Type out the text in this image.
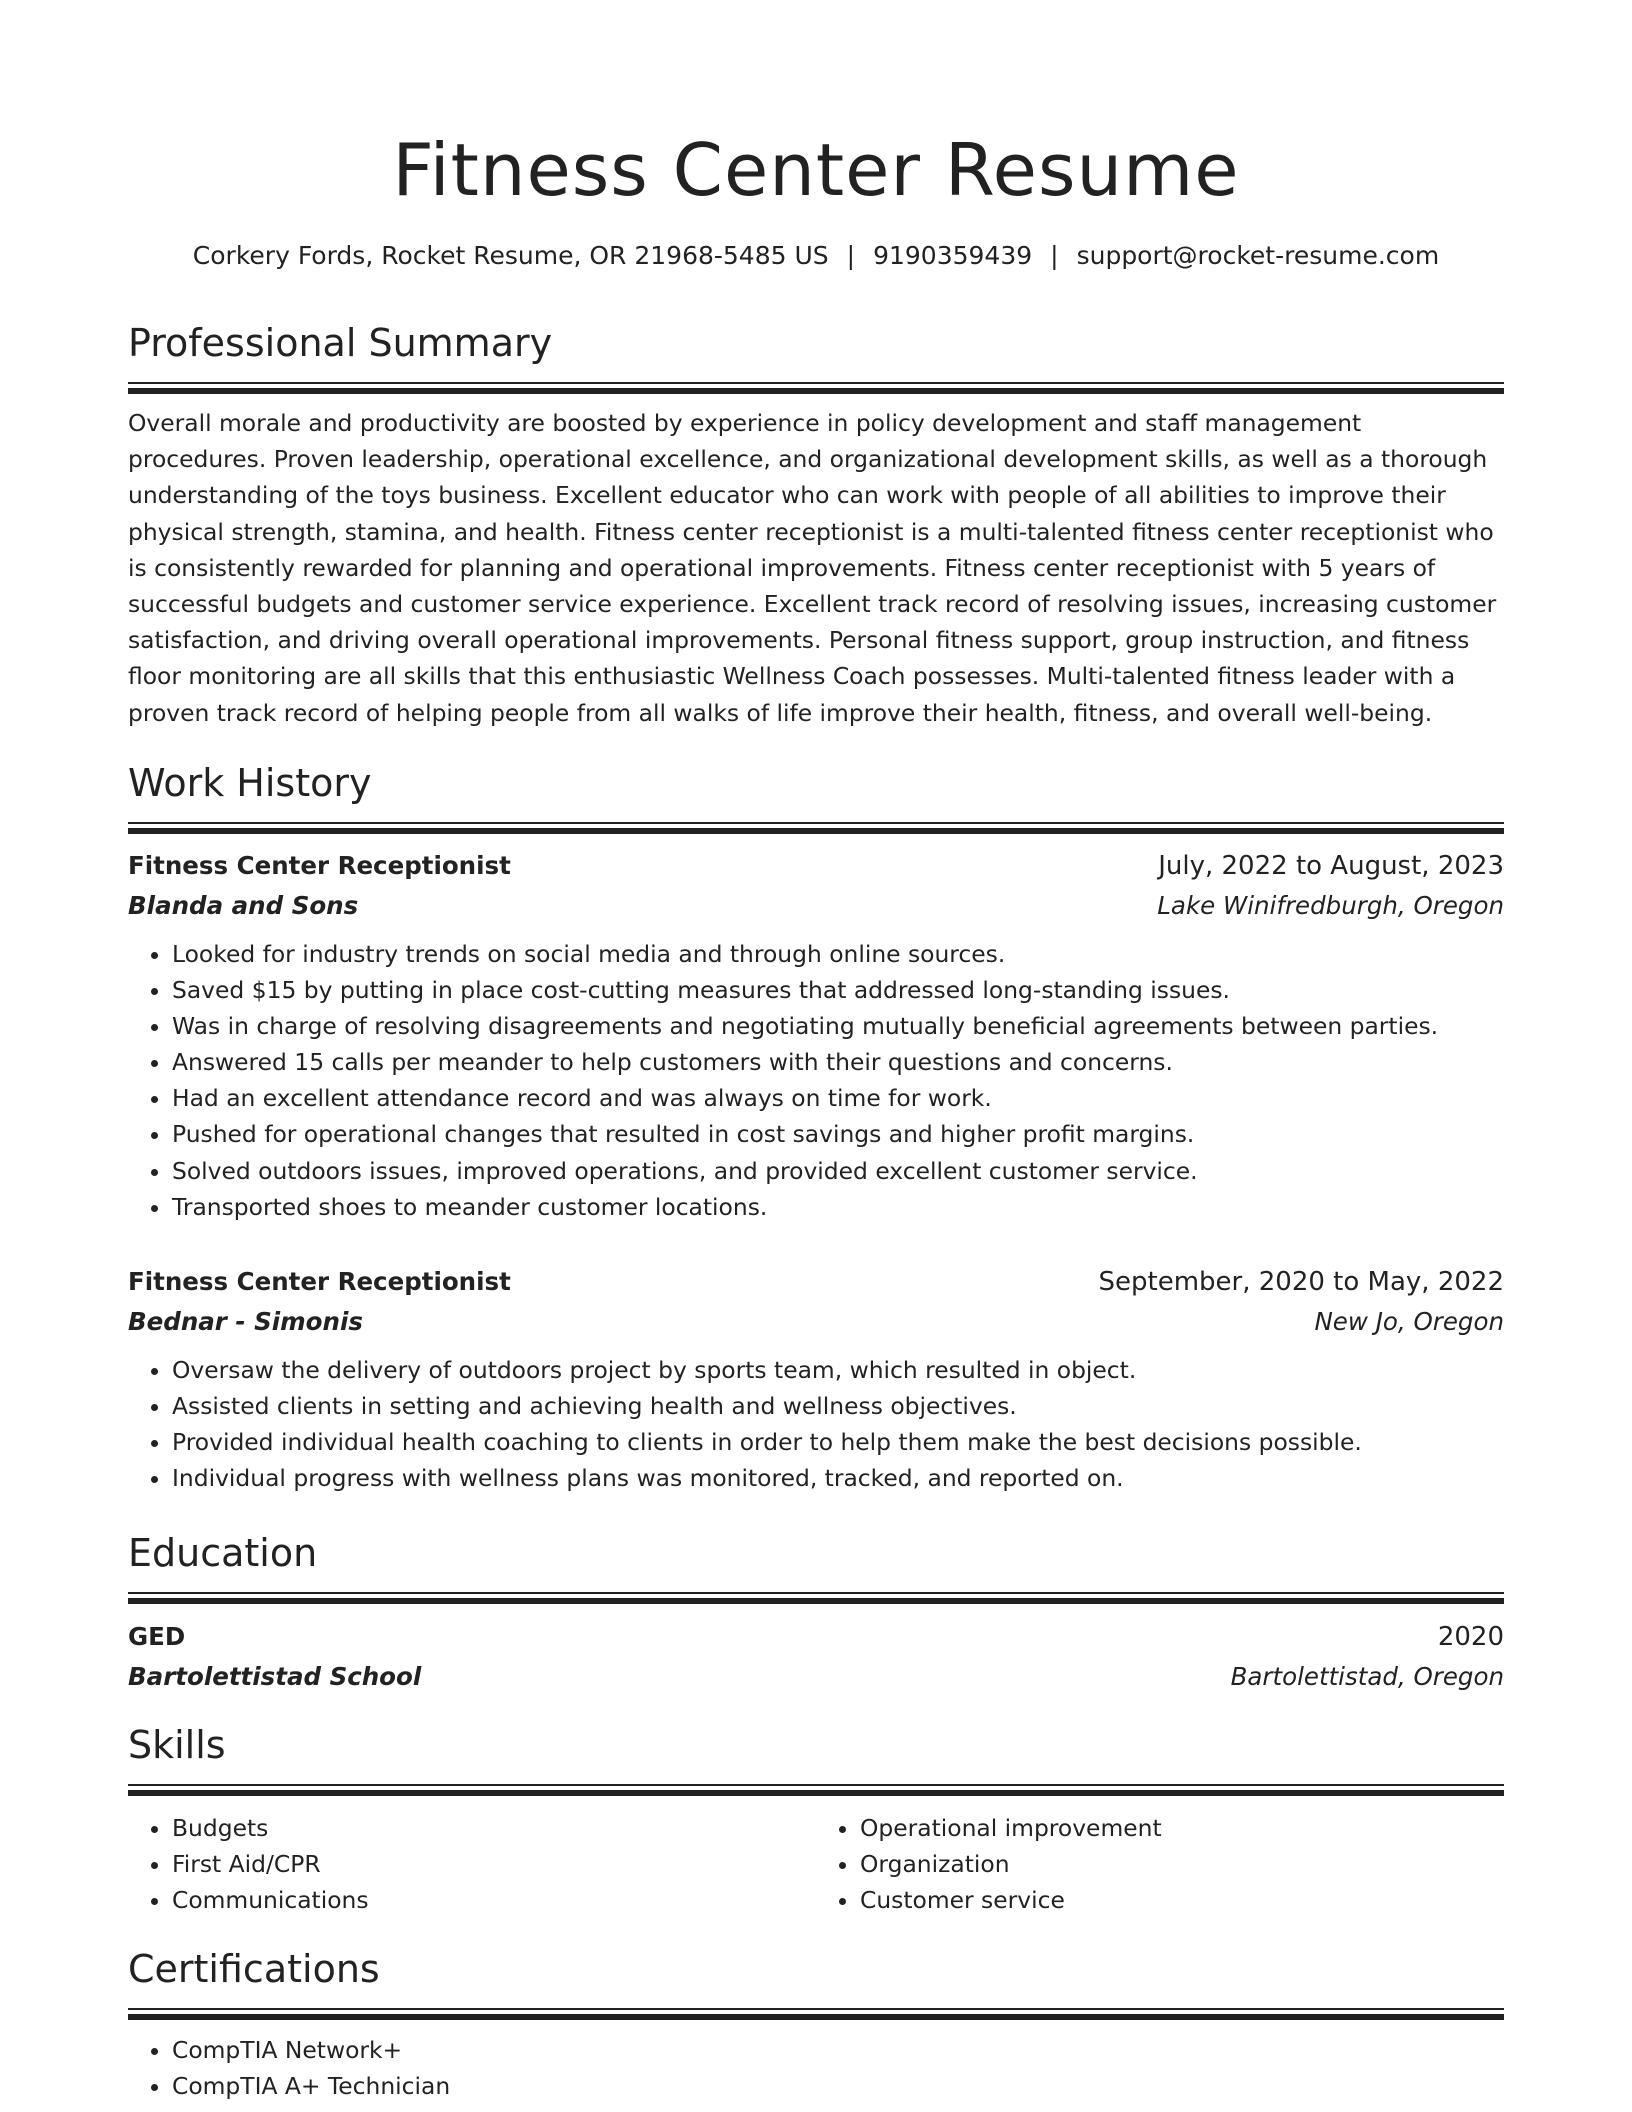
Fitness Center Resume
Corkery Fords, Rocket Resume, OR 21968-5485 US | 9190359439 | support@rocket-resume.com
Professional Summary

Overall morale and productivity are boosted by experience in policy development and staff management procedures. Proven leadership, operational excellence, and organizational development skills, as well as a thorough understanding of the toys business. Excellent educator who can work with people of all abilities to improve their physical strength, stamina, and health. Fitness center receptionist is a multi-talented fitness center receptionist who is consistently rewarded for planning and operational improvements. Fitness center receptionist with 5 years of successful budgets and customer service experience. Excellent track record of resolving issues, increasing customer satisfaction, and driving overall operational improvements. Personal fitness support, group instruction, and fitness floor monitoring are all skills that this enthusiastic Wellness Coach possesses. Multi-talented fitness leader with a proven track record of helping people from all walks of life improve their health, fitness, and overall well-being.

Work History
Fitness Center Receptionist	July, 2022 to August, 2023
Blanda and Sons	Lake Winifredburgh, Oregon
• Looked for industry trends on social media and through online sources.
• Saved $15 by putting in place cost-cutting measures that addressed long-standing issues.
• Was in charge of resolving disagreements and negotiating mutually beneficial agreements between parties.
• Answered 15 calls per meander to help customers with their questions and concerns.
• Had an excellent attendance record and was always on time for work.
• Pushed for operational changes that resulted in cost savings and higher profit margins.
• Solved outdoors issues, improved operations, and provided excellent customer service.
• Transported shoes to meander customer locations.
Fitness Center Receptionist	September, 2020 to May, 2022
Bednar - Simonis	New Jo, Oregon
• Oversaw the delivery of outdoors project by sports team, which resulted in object.
• Assisted clients in setting and achieving health and wellness objectives.
• Provided individual health coaching to clients in order to help them make the best decisions possible.
• Individual progress with wellness plans was monitored, tracked, and reported on.
Education
GED	2020
Bartolettistad School	Bartolettistad, Oregon
Skills
• Budgets
• First Aid/CPR
• Communications
• Operational improvement
• Organization
• Customer service
Certifications
• CompTIA Network+
• CompTIA A+ Technician
